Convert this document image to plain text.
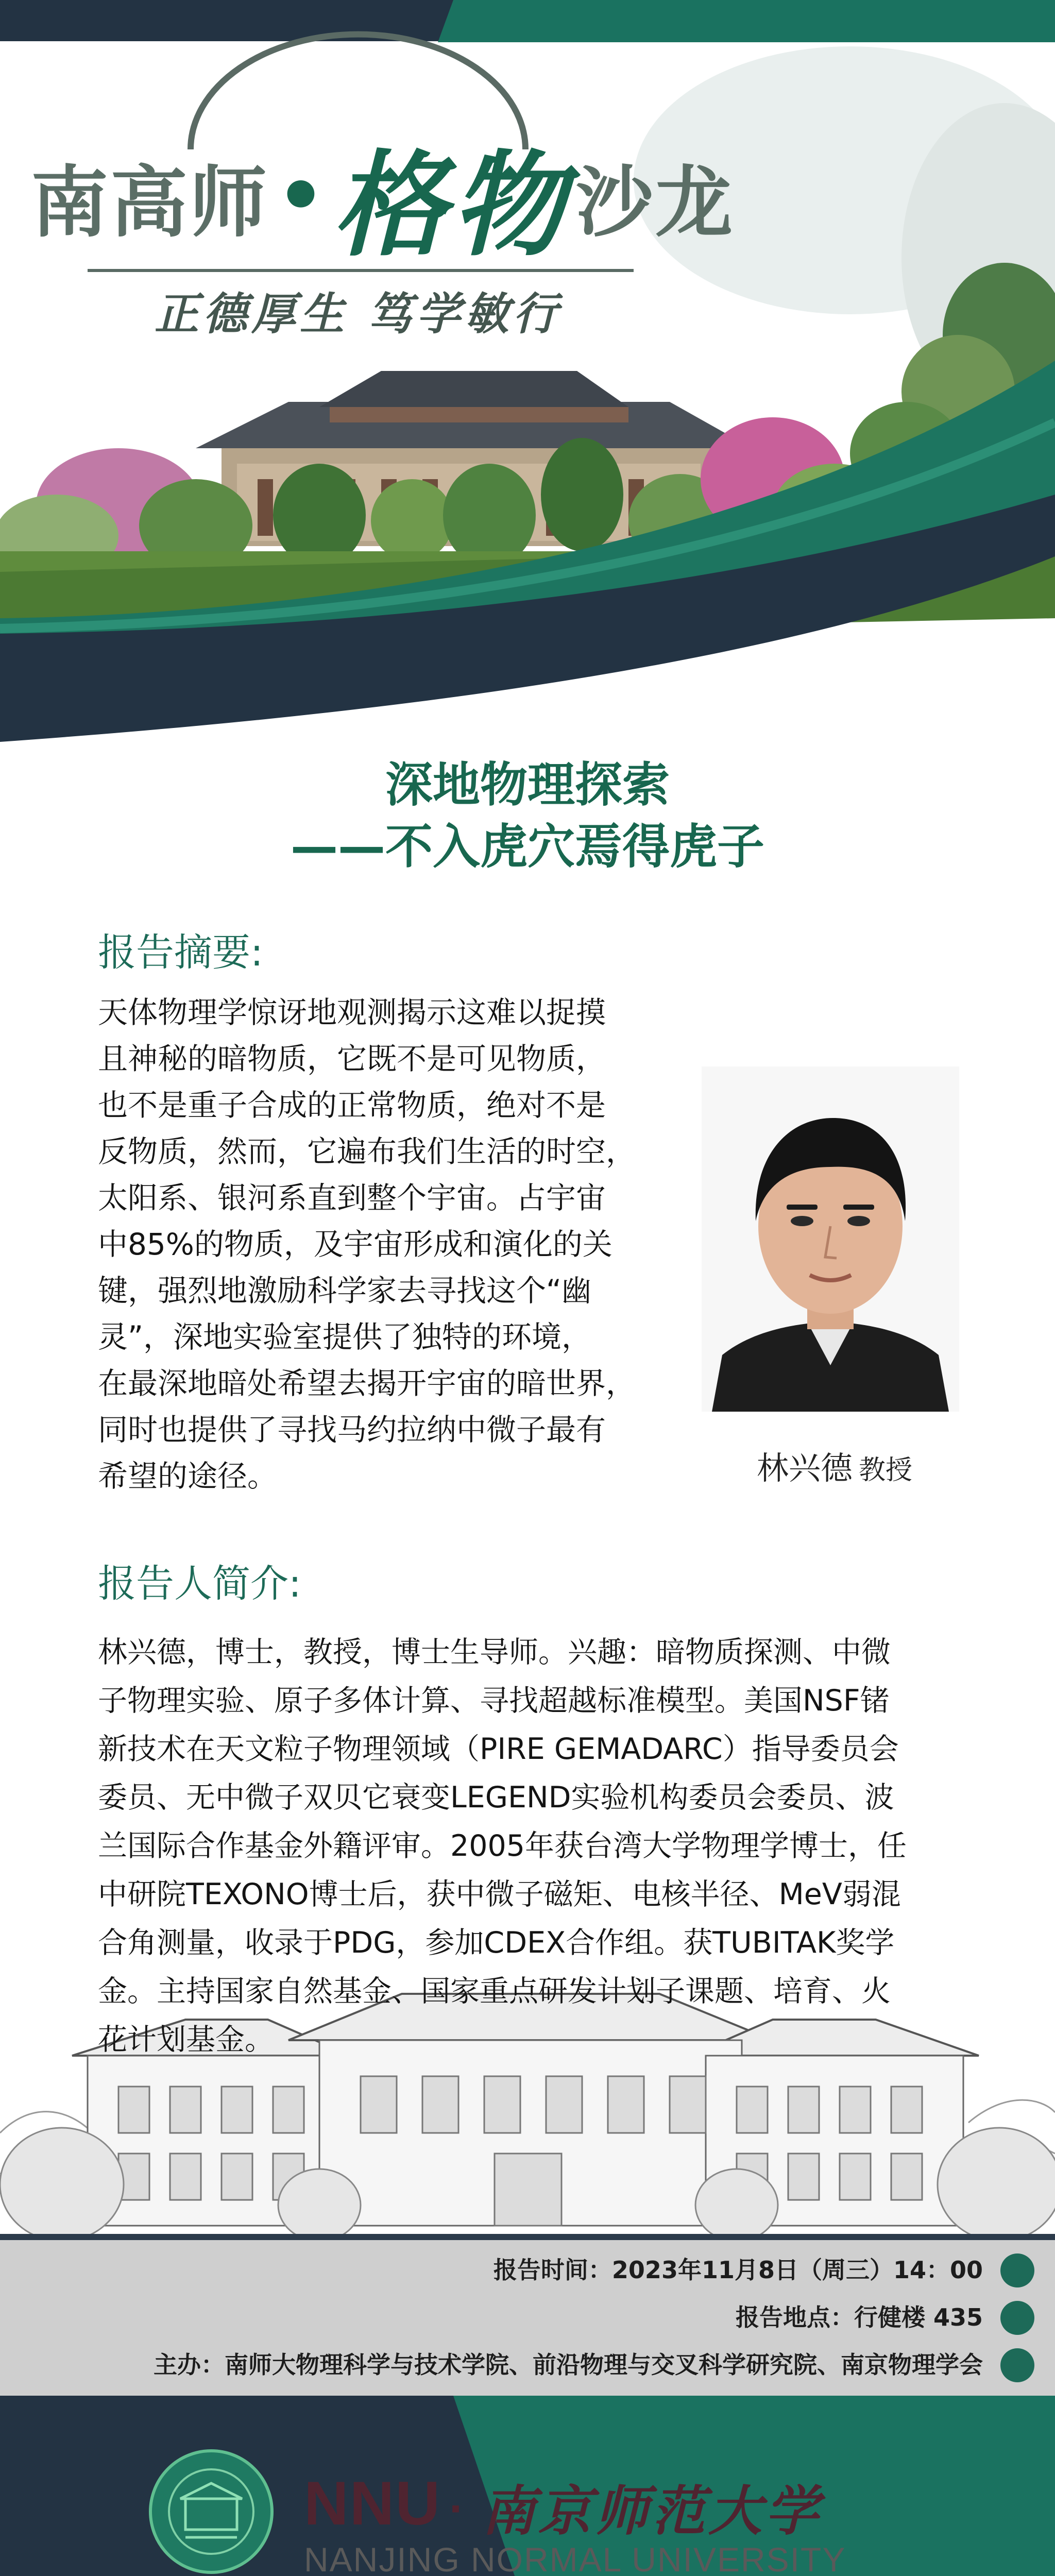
南高师 • 格物 沙龙
正德厚生 笃学敏行
深地物理探索
——不入虎穴焉得虎子
报告摘要:
天体物理学惊讶地观测揭示这难以捉摸
且神秘的暗物质，它既不是可见物质，
也不是重子合成的正常物质，绝对不是
反物质，然而，它遍布我们生活的时空，
太阳系、银河系直到整个宇宙。占宇宙
中85%的物质，及宇宙形成和演化的关
键，强烈地激励科学家去寻找这个“幽
灵”，深地实验室提供了独特的环境，
在最深地暗处希望去揭开宇宙的暗世界，
同时也提供了寻找马约拉纳中微子最有
希望的途径。	林兴德 教授
报告人简介:
林兴德，博士，教授，博士生导师。兴趣：暗物质探测、中微
子物理实验、原子多体计算、寻找超越标准模型。美国NSF锗
新技术在天文粒子物理领域（PIRE GEMADARC）指导委员会
委员、无中微子双贝它衰变LEGEND实验机构委员会委员、波
兰国际合作基金外籍评审。2005年获台湾大学物理学博士，任
中研院TEXONO博士后，获中微子磁矩、电核半径、MeV弱混
合角测量，收录于PDG，参加CDEX合作组。获TUBITAK奖学
金。主持国家自然基金、国家重点研发计划子课题、培育、火
花计划基金。
报告时间：2023年11月8日（周三）14：00
报告地点：行健楼 435
主办：南师大物理科学与技术学院、前沿物理与交叉科学研究院、南京物理学会
NNU · 南京师范大学
NANJING NORMAL UNIVERSITY
